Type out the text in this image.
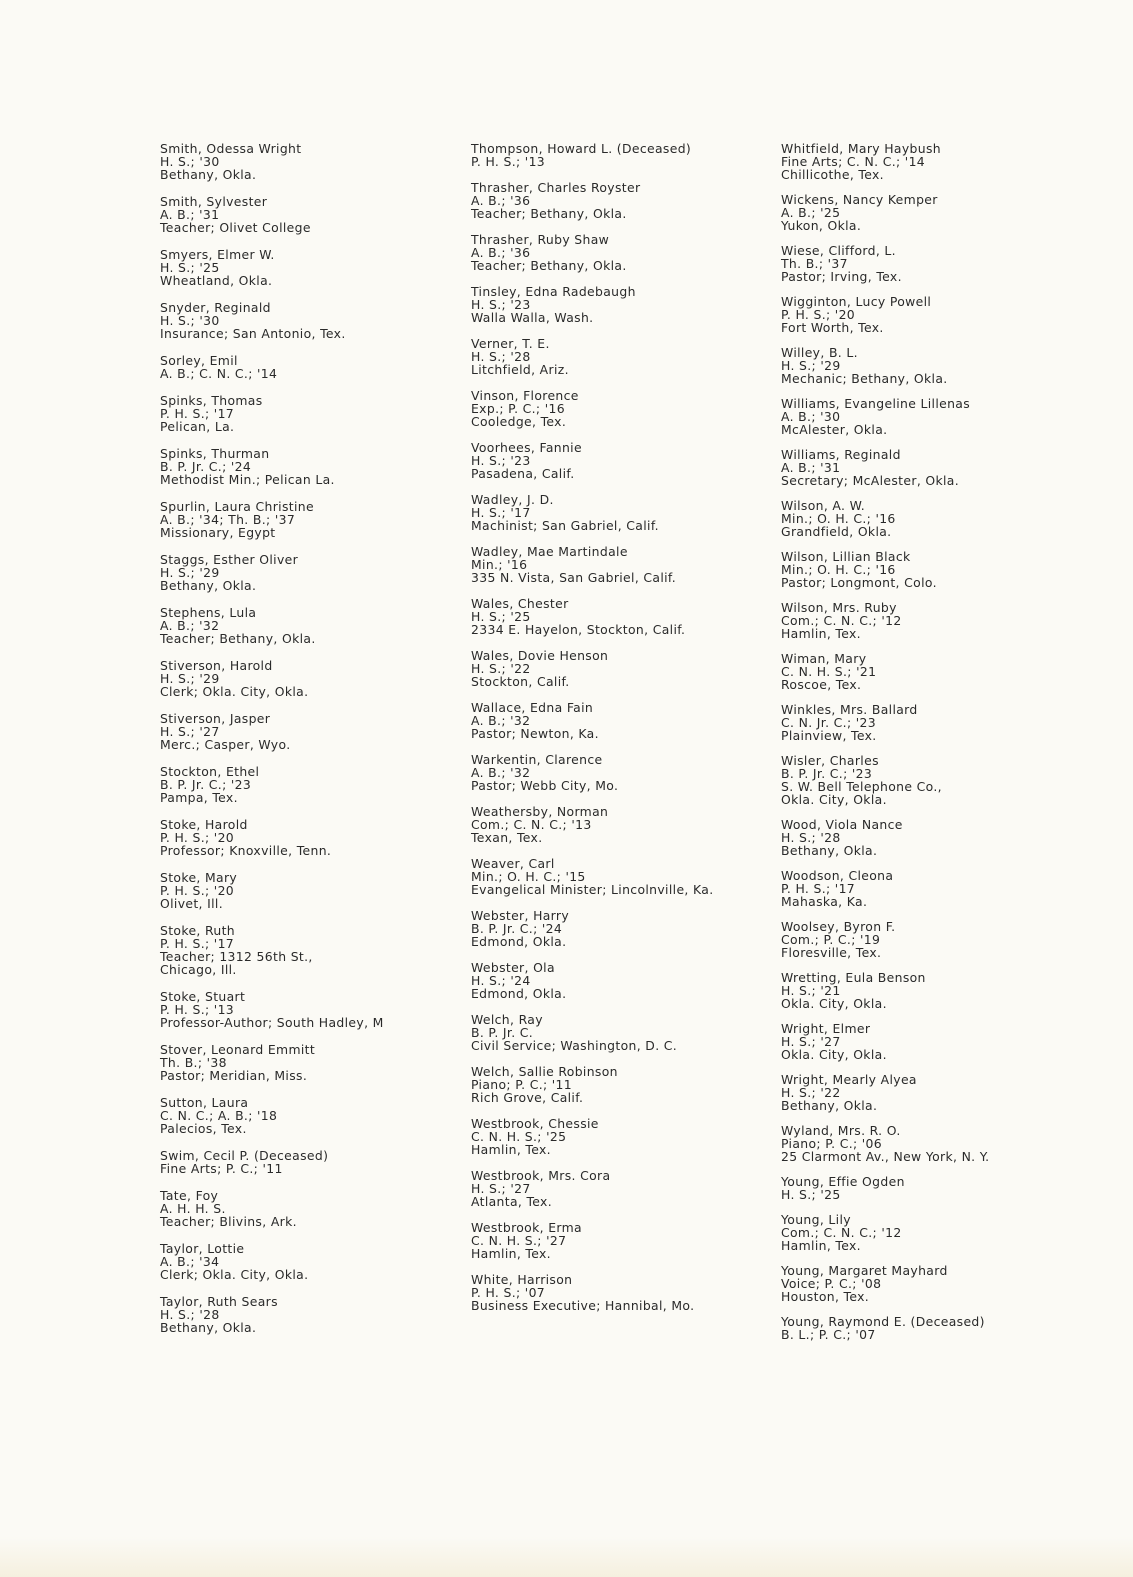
Smith, Odessa Wright
H. S.; '30
Bethany, Okla.
Smith, Sylvester
A. B.; '31
Teacher; Olivet College
Smyers, Elmer W.
H. S.; '25
Wheatland, Okla.
Snyder, Reginald
H. S.; '30
Insurance; San Antonio, Tex.
Sorley, Emil
A. B.; C. N. C.; '14
Spinks, Thomas
P. H. S.; '17
Pelican, La.
Spinks, Thurman
B. P. Jr. C.; '24
Methodist Min.; Pelican La.
Spurlin, Laura Christine
A. B.; '34; Th. B.; '37
Missionary, Egypt
Staggs, Esther Oliver
H. S.; '29
Bethany, Okla.
Stephens, Lula
A. B.; '32
Teacher; Bethany, Okla.
Stiverson, Harold
H. S.; '29
Clerk; Okla. City, Okla.
Stiverson, Jasper
H. S.; '27
Merc.; Casper, Wyo.
Stockton, Ethel
B. P. Jr. C.; '23
Pampa, Tex.
Stoke, Harold
P. H. S.; '20
Professor; Knoxville, Tenn.
Stoke, Mary
P. H. S.; '20
Olivet, Ill.
Stoke, Ruth
P. H. S.; '17
Teacher; 1312 56th St.,
Chicago, Ill.
Stoke, Stuart
P. H. S.; '13
Professor-Author; South Hadley, M
Stover, Leonard Emmitt
Th. B.; '38
Pastor; Meridian, Miss.
Sutton, Laura
C. N. C.; A. B.; '18
Palecios, Tex.
Swim, Cecil P. (Deceased)
Fine Arts; P. C.; '11
Tate, Foy
A. H. H. S.
Teacher; Blivins, Ark.
Taylor, Lottie
A. B.; '34
Clerk; Okla. City, Okla.
Taylor, Ruth Sears
H. S.; '28
Bethany, Okla.
Thompson, Howard L. (Deceased)
P. H. S.; '13
Thrasher, Charles Royster
A. B.; '36
Teacher; Bethany, Okla.
Thrasher, Ruby Shaw
A. B.; '36
Teacher; Bethany, Okla.
Tinsley, Edna Radebaugh
H. S.; '23
Walla Walla, Wash.
Verner, T. E.
H. S.; '28
Litchfield, Ariz.
Vinson, Florence
Exp.; P. C.; '16
Cooledge, Tex.
Voorhees, Fannie
H. S.; '23
Pasadena, Calif.
Wadley, J. D.
H. S.; '17
Machinist; San Gabriel, Calif.
Wadley, Mae Martindale
Min.; '16
335 N. Vista, San Gabriel, Calif.
Wales, Chester
H. S.; '25
2334 E. Hayelon, Stockton, Calif.
Wales, Dovie Henson
H. S.; '22
Stockton, Calif.
Wallace, Edna Fain
A. B.; '32
Pastor; Newton, Ka.
Warkentin, Clarence
A. B.; '32
Pastor; Webb City, Mo.
Weathersby, Norman
Com.; C. N. C.; '13
Texan, Tex.
Weaver, Carl
Min.; O. H. C.; '15
Evangelical Minister; Lincolnville, Ka.
Webster, Harry
B. P. Jr. C.; '24
Edmond, Okla.
Webster, Ola
H. S.; '24
Edmond, Okla.
Welch, Ray
B. P. Jr. C.
Civil Service; Washington, D. C.
Welch, Sallie Robinson
Piano; P. C.; '11
Rich Grove, Calif.
Westbrook, Chessie
C. N. H. S.; '25
Hamlin, Tex.
Westbrook, Mrs. Cora
H. S.; '27
Atlanta, Tex.
Westbrook, Erma
C. N. H. S.; '27
Hamlin, Tex.
White, Harrison
P. H. S.; '07
Business Executive; Hannibal, Mo.
Whitfield, Mary Haybush
Fine Arts; C. N. C.; '14
Chillicothe, Tex.
Wickens, Nancy Kemper
A. B.; '25
Yukon, Okla.
Wiese, Clifford, L.
Th. B.; '37
Pastor; Irving, Tex.
Wigginton, Lucy Powell
P. H. S.; '20
Fort Worth, Tex.
Willey, B. L.
H. S.; '29
Mechanic; Bethany, Okla.
Williams, Evangeline Lillenas
A. B.; '30
McAlester, Okla.
Williams, Reginald
A. B.; '31
Secretary; McAlester, Okla.
Wilson, A. W.
Min.; O. H. C.; '16
Grandfield, Okla.
Wilson, Lillian Black
Min.; O. H. C.; '16
Pastor; Longmont, Colo.
Wilson, Mrs. Ruby
Com.; C. N. C.; '12
Hamlin, Tex.
Wiman, Mary
C. N. H. S.; '21
Roscoe, Tex.
Winkles, Mrs. Ballard
C. N. Jr. C.; '23
Plainview, Tex.
Wisler, Charles
B. P. Jr. C.; '23
S. W. Bell Telephone Co.,
Okla. City, Okla.
Wood, Viola Nance
H. S.; '28
Bethany, Okla.
Woodson, Cleona
P. H. S.; '17
Mahaska, Ka.
Woolsey, Byron F.
Com.; P. C.; '19
Floresville, Tex.
Wretting, Eula Benson
H. S.; '21
Okla. City, Okla.
Wright, Elmer
H. S.; '27
Okla. City, Okla.
Wright, Mearly Alyea
H. S.; '22
Bethany, Okla.
Wyland, Mrs. R. O.
Piano; P. C.; '06
25 Clarmont Av., New York, N. Y.
Young, Effie Ogden
H. S.; '25
Young, Lily
Com.; C. N. C.; '12
Hamlin, Tex.
Young, Margaret Mayhard
Voice; P. C.; '08
Houston, Tex.
Young, Raymond E. (Deceased)
B. L.; P. C.; '07
